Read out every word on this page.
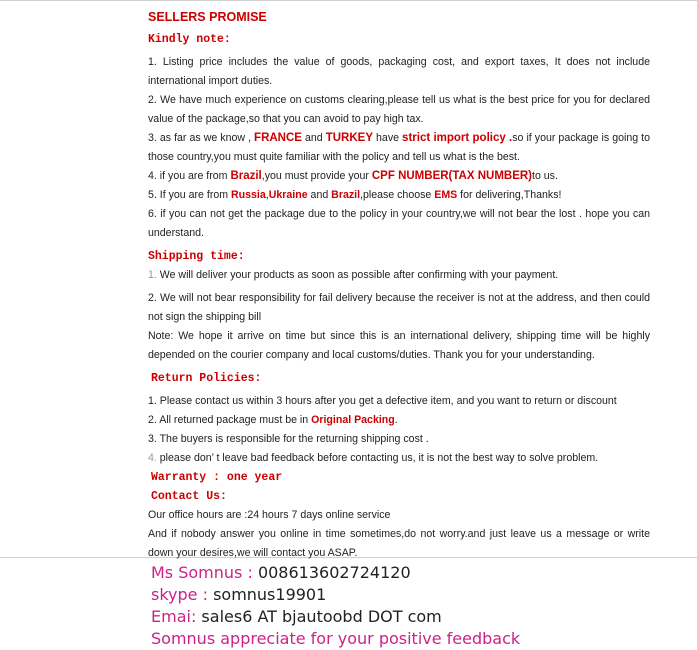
SELLERS PROMISE
Kindly note:

1. Listing price includes the value of goods, packaging cost, and export taxes, It does not include international import duties.

2. We have much experience on customs clearing,please tell us what is the best price for you for declared value of the package,so that you can avoid to pay high tax.

3. as far as we know , FRANCE and TURKEY have strict import policy .so if your package is going to those country,you must quite familiar with the policy and tell us what is the best.

4. if you are from Brazil,you must provide your CPF NUMBER(TAX NUMBER)to us.

5. If you are from Russia,Ukraine and Brazil,please choose EMS for delivering,Thanks!

6. if you can not get the package due to the policy in your country,we will not bear the lost . hope you can understand.

Shipping time:

1. We will deliver your products as soon as possible after confirming with your payment.

2. We will not bear responsibility for fail delivery because the receiver is not at the address, and then could not sign the shipping bill

Note: We hope it arrive on time but since this is an international delivery, shipping time will be highly depended on the courier company and local customs/duties. Thank you for your understanding.

Return Policies:

1. Please contact us within 3 hours after you get a defective item, and you want to return or discount

2. All returned package must be in Original Packing.

3. The buyers is responsible for the returning shipping cost .

4. please don’ t leave bad feedback before contacting us, it is not the best way to solve problem.

Warranty : one year
Contact Us:

Our office hours are :24 hours 7 days online service

And if nobody answer you online in time sometimes,do not worry.and just leave us a message or write down your desires,we will contact you ASAP.

Ms Somnus : 008613602724120
skype : somnus19901
Emai: sales6 AT bjautoobd DOT com
Somnus appreciate for your positive feedback
